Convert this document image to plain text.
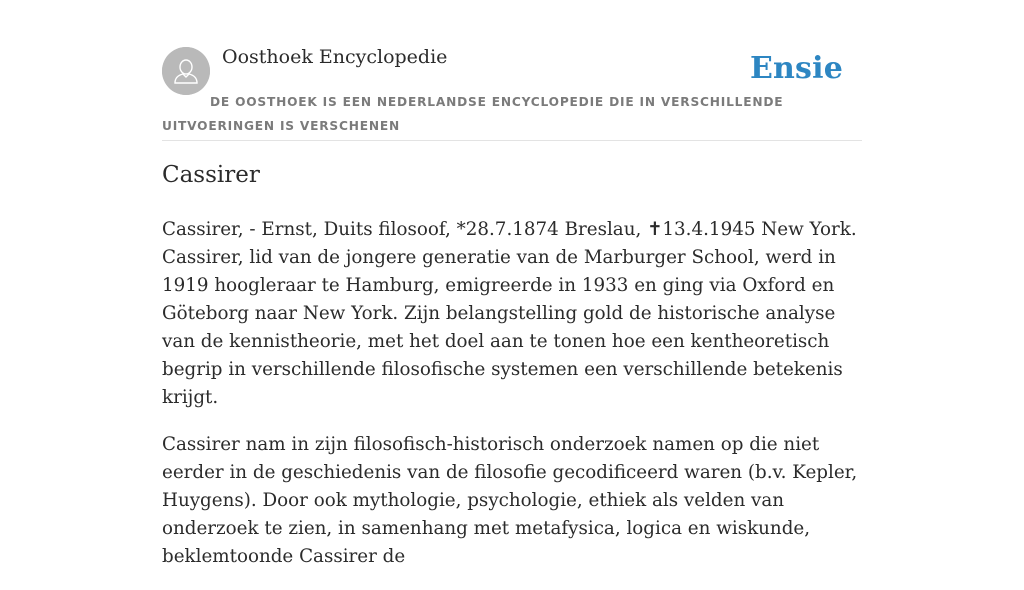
Oosthoek Encyclopedie	Ensie
DE OOSTHOEK IS EEN NEDERLANDSE ENCYCLOPEDIE DIE IN VERSCHILLENDE UITVOERINGEN IS VERSCHENEN
Cassirer

Cassirer, - Ernst, Duits filosoof, *28.7.1874 Breslau, ✝13.4.1945 New York. Cassirer, lid van de jongere generatie van de Marburger School, werd in 1919 hoogleraar te Hamburg, emigreerde in 1933 en ging via Oxford en Göteborg naar New York. Zijn belangstelling gold de historische analyse van de kennistheorie, met het doel aan te tonen hoe een kentheoretisch begrip in verschillende filosofische systemen een verschillende betekenis krijgt.

Cassirer nam in zijn filosofisch-historisch onderzoek namen op die niet eerder in de geschiedenis van de filosofie gecodificeerd waren (b.v. Kepler, Huygens). Door ook mythologie, psychologie, ethiek als velden van onderzoek te zien, in samenhang met metafysica, logica en wiskunde, beklemtoonde Cassirer de
